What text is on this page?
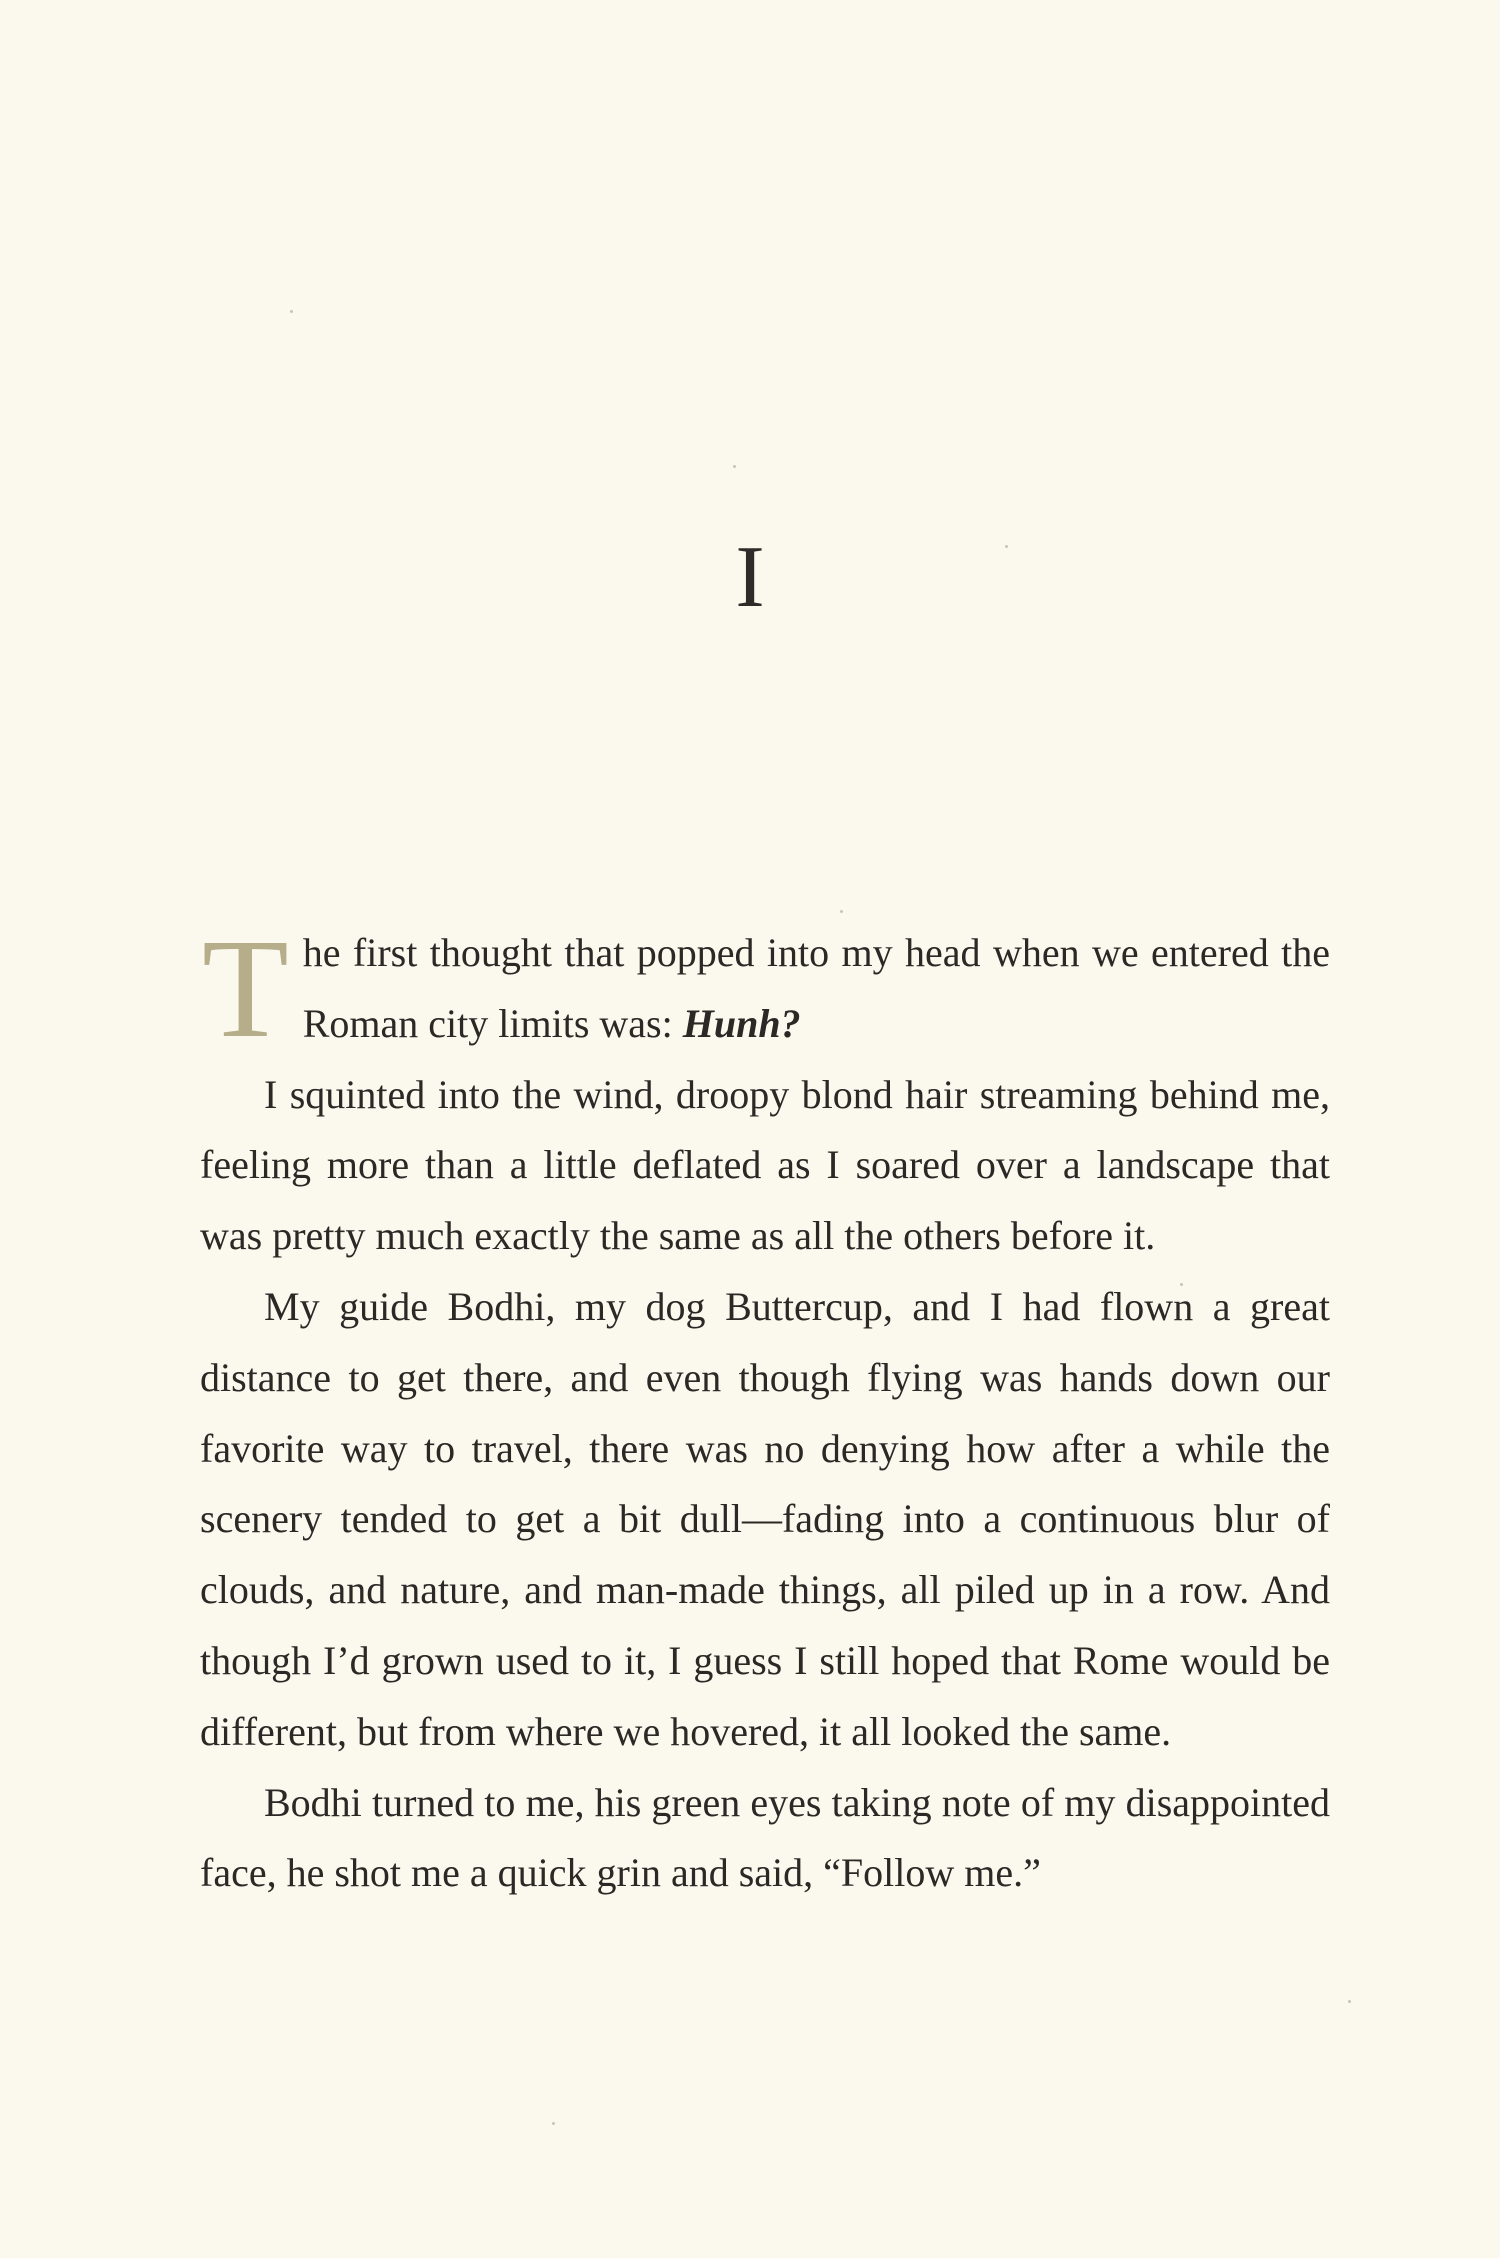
I

The first thought that popped into my head when we entered the Roman city limits was: Hunh?

I squinted into the wind, droopy blond hair streaming behind me, feeling more than a little deflated as I soared over a landscape that was pretty much exactly the same as all the others before it.

My guide Bodhi, my dog Buttercup, and I had flown a great distance to get there, and even though flying was hands down our favorite way to travel, there was no denying how after a while the scenery tended to get a bit dull—fading into a continuous blur of clouds, and nature, and man-made things, all piled up in a row. And though I’d grown used to it, I guess I still hoped that Rome would be different, but from where we hovered, it all looked the same.

Bodhi turned to me, his green eyes taking note of my disappointed face, he shot me a quick grin and said, “Follow me.”
